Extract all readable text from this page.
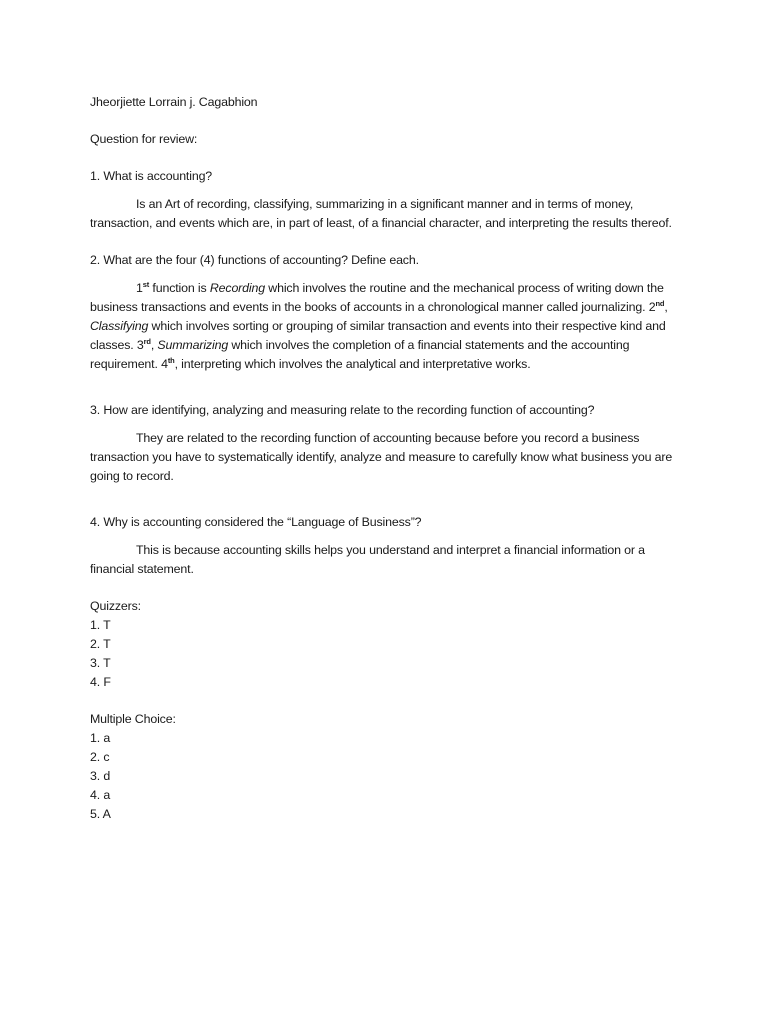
Jheorjiette Lorrain j. Cagabhion

Question for review:

1. What is accounting?

Is an Art of recording, classifying, summarizing in a significant manner and in terms of money, transaction, and events which are, in part of least, of a financial character, and interpreting the results thereof.

2. What are the four (4) functions of accounting? Define each.

1st function is Recording which involves the routine and the mechanical process of writing down the business transactions and events in the books of accounts in a chronological manner called journalizing. 2nd, Classifying which involves sorting or grouping of similar transaction and events into their respective kind and classes. 3rd, Summarizing which involves the completion of a financial statements and the accounting requirement. 4th, interpreting which involves the analytical and interpretative works.

3. How are identifying, analyzing and measuring relate to the recording function of accounting?

They are related to the recording function of accounting because before you record a business transaction you have to systematically identify, analyze and measure to carefully know what business you are going to record.

4. Why is accounting considered the “Language of Business”?

This is because accounting skills helps you understand and interpret a financial information or a financial statement.

Quizzers:

1. T
2. T
3. T
4. F

Multiple Choice:

1. a
2. c
3. d
4. a
5. A
